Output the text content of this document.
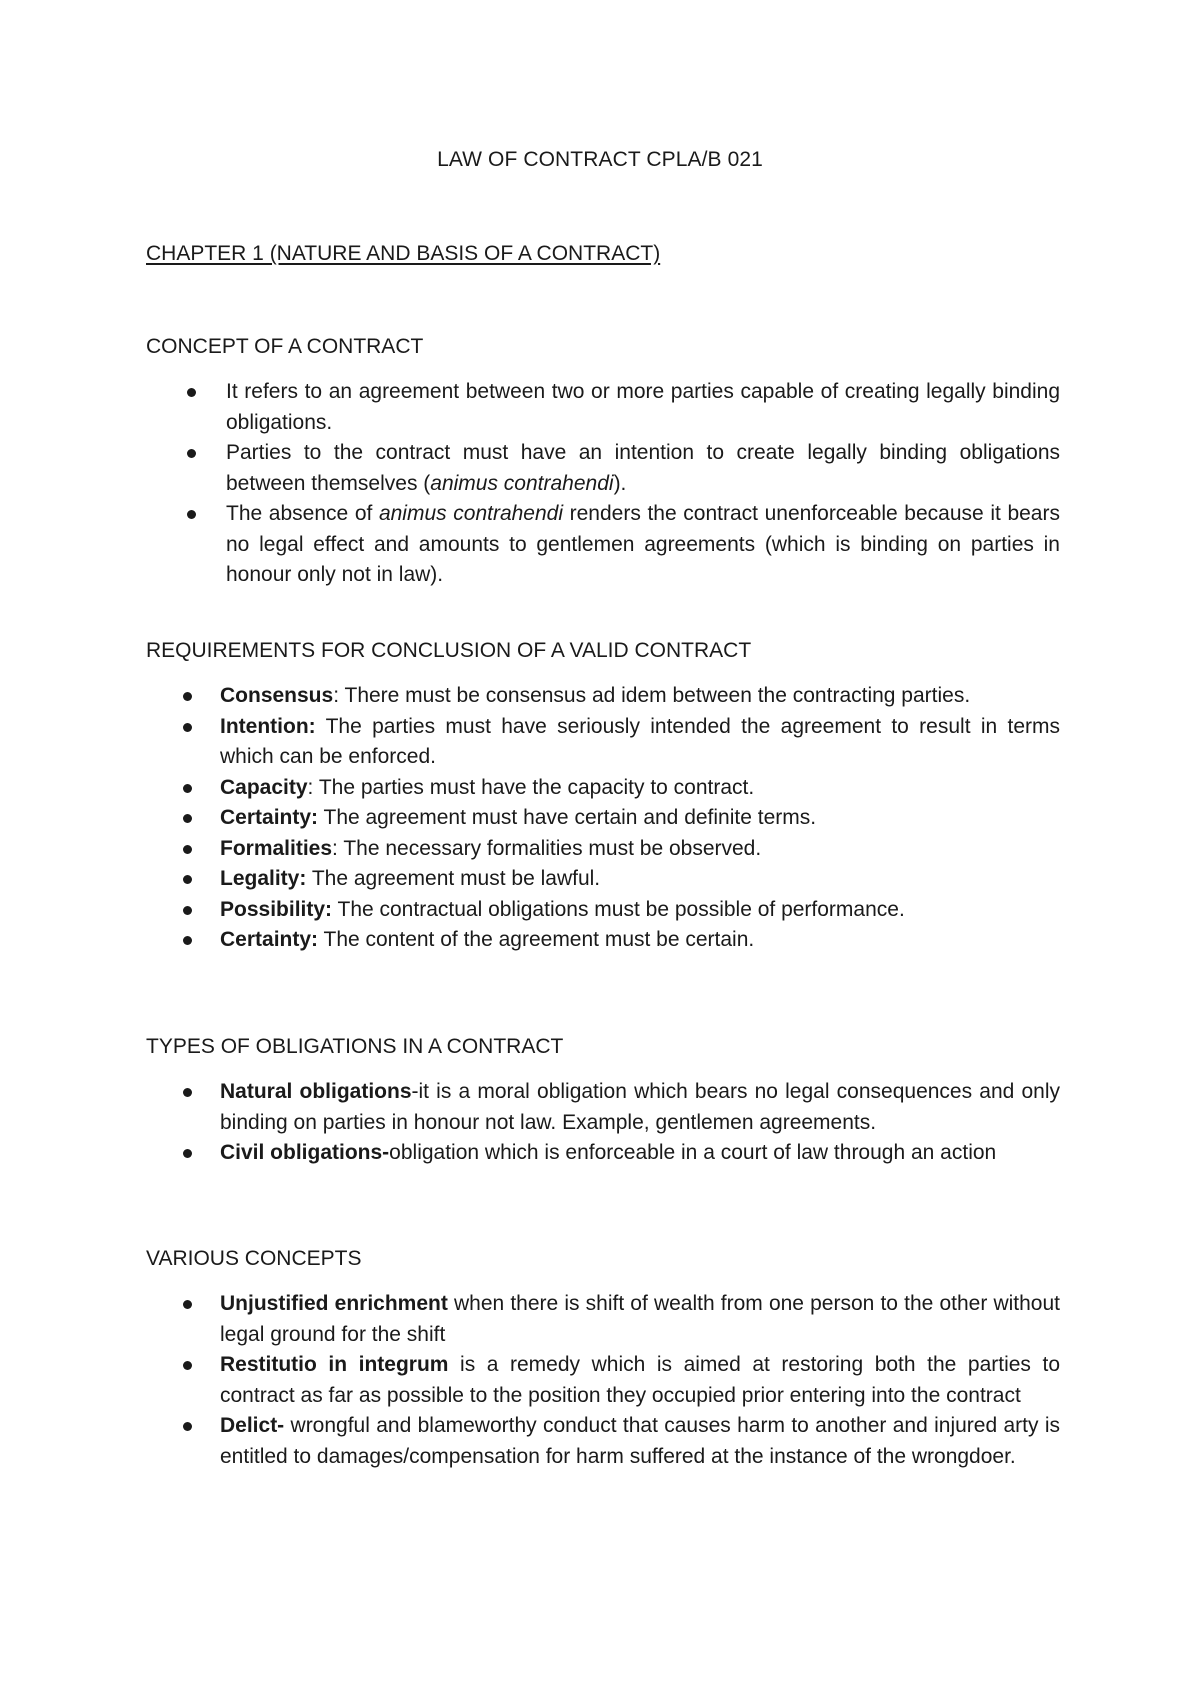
LAW OF CONTRACT CPLA/B 021
CHAPTER 1 (NATURE AND BASIS OF A CONTRACT)
CONCEPT OF A CONTRACT
It refers to an agreement between two or more parties capable of creating legally binding obligations.
Parties to the contract must have an intention to create legally binding obligations between themselves (animus contrahendi).
The absence of animus contrahendi renders the contract unenforceable because it bears no legal effect and amounts to gentlemen agreements (which is binding on parties in honour only not in law).
REQUIREMENTS FOR CONCLUSION OF A VALID CONTRACT
Consensus: There must be consensus ad idem between the contracting parties.
Intention: The parties must have seriously intended the agreement to result in terms which can be enforced.
Capacity: The parties must have the capacity to contract.
Certainty: The agreement must have certain and definite terms.
Formalities: The necessary formalities must be observed.
Legality: The agreement must be lawful.
Possibility: The contractual obligations must be possible of performance.
Certainty: The content of the agreement must be certain.
TYPES OF OBLIGATIONS IN A CONTRACT
Natural obligations-it is a moral obligation which bears no legal consequences and only binding on parties in honour not law. Example, gentlemen agreements.
Civil obligations-obligation which is enforceable in a court of law through an action
VARIOUS CONCEPTS
Unjustified enrichment when there is shift of wealth from one person to the other without legal ground for the shift
Restitutio in integrum is a remedy which is aimed at restoring both the parties to contract as far as possible to the position they occupied prior entering into the contract
Delict- wrongful and blameworthy conduct that causes harm to another and injured arty is entitled to damages/compensation for harm suffered at the instance of the wrongdoer.
